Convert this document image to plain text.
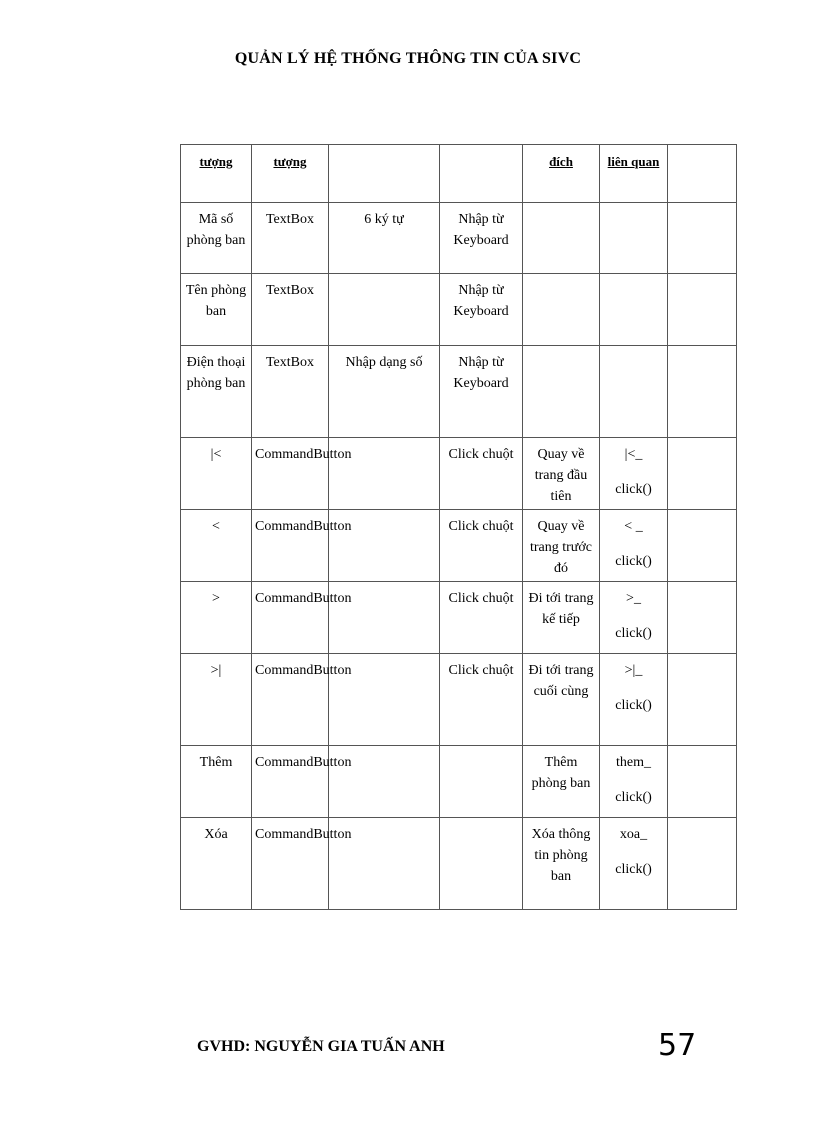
QUẢN LÝ HỆ THỐNG THÔNG TIN CỦA SIVC
tượng	tượng			đích	liên quan	
Mã số phòng ban	TextBox	6 ký tự	Nhập từ Keyboard		

Tên phòng ban	TextBox		Nhập từ Keyboard		

Điện thoại phòng ban	TextBox	Nhập dạng số	Nhập từ Keyboard		

|<	CommandButton		Click chuột	Quay về trang đầu tiên	|<_
click()	
<	CommandButton		Click chuột	Quay về trang trước đó	< _
click()	
>	CommandButton		Click chuột	Đi tới trang kế tiếp	>_
click()	
>|	CommandButton		Click chuột	Đi tới trang cuối cùng	>|_
click()	
Thêm	CommandButton			Thêm phòng ban	them_
click()	
Xóa	CommandButton			Xóa thông tin phòng ban	xoa_
click()	
GVHD: NGUYỄN GIA TUẤN ANH	57
